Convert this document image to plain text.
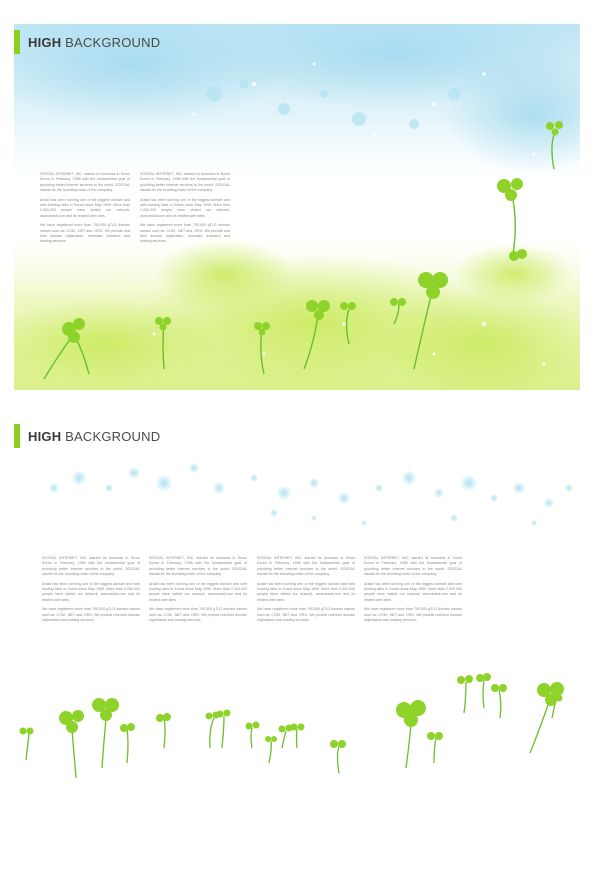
HIGH BACKGROUND

SOSOAL INTERNET, INC. started its business in Seoul Korea in February, 1998 with the fundamental goal of providing better Internet services to the world. SOSOAL stands for the founding motto of the company.

Araldi has been running one of the biggest domain and web hosting sites in Korea since May 1999. More than 2,000,000 people have visited our network, www.araldi.com and its related web sites.

We have registered more than 700,000 gTLD domain names such as .COM, .NET and .ORG. We provide real time domain registration, renewals, transfers and hosting services.

SOSOAL INTERNET, INC. started its business in Seoul Korea in February, 1998 with the fundamental goal of providing better Internet services to the world. SOSOAL stands for the founding motto of the company.

Araldi has been running one of the biggest domain and web hosting sites in Korea since May 1999. More than 2,000,000 people have visited our network, www.araldi.com and its related web sites.

We have registered more than 700,000 gTLD domain names such as .COM, .NET and .ORG. We provide real time domain registration, renewals, transfers and hosting services.

HIGH BACKGROUND

SOSOAL INTERNET, INC. started its business in Seoul Korea in February, 1998 with the fundamental goal of providing better Internet services to the world. SOSOAL stands for the founding motto of the company.

Araldi has been running one of the biggest domain and web hosting sites in Korea since May 1999. More than 2,000,000 people have visited our network, www.araldi.com and its related web sites.

We have registered more than 700,000 gTLD domain names such as .COM, .NET and .ORG. We provide real time domain registration and hosting services.

SOSOAL INTERNET, INC. started its business in Seoul Korea in February, 1998 with the fundamental goal of providing better Internet services to the world. SOSOAL stands for the founding motto of the company.

Araldi has been running one of the biggest domain and web hosting sites in Korea since May 1999. More than 2,000,000 people have visited our network, www.araldi.com and its related web sites.

We have registered more than 700,000 gTLD domain names such as .COM, .NET and .ORG. We provide real time domain registration and hosting services.

SOSOAL INTERNET, INC. started its business in Seoul Korea in February, 1998 with the fundamental goal of providing better Internet services to the world. SOSOAL stands for the founding motto of the company.

Araldi has been running one of the biggest domain and web hosting sites in Korea since May 1999. More than 2,000,000 people have visited our network, www.araldi.com and its related web sites.

We have registered more than 700,000 gTLD domain names such as .COM, .NET and .ORG. We provide real time domain registration and hosting services.

SOSOAL INTERNET, INC. started its business in Seoul Korea in February, 1998 with the fundamental goal of providing better Internet services to the world. SOSOAL stands for the founding motto of the company.

Araldi has been running one of the biggest domain and web hosting sites in Korea since May 1999. More than 2,000,000 people have visited our network, www.araldi.com and its related web sites.

We have registered more than 700,000 gTLD domain names such as .COM, .NET and .ORG. We provide real time domain registration and hosting services.
